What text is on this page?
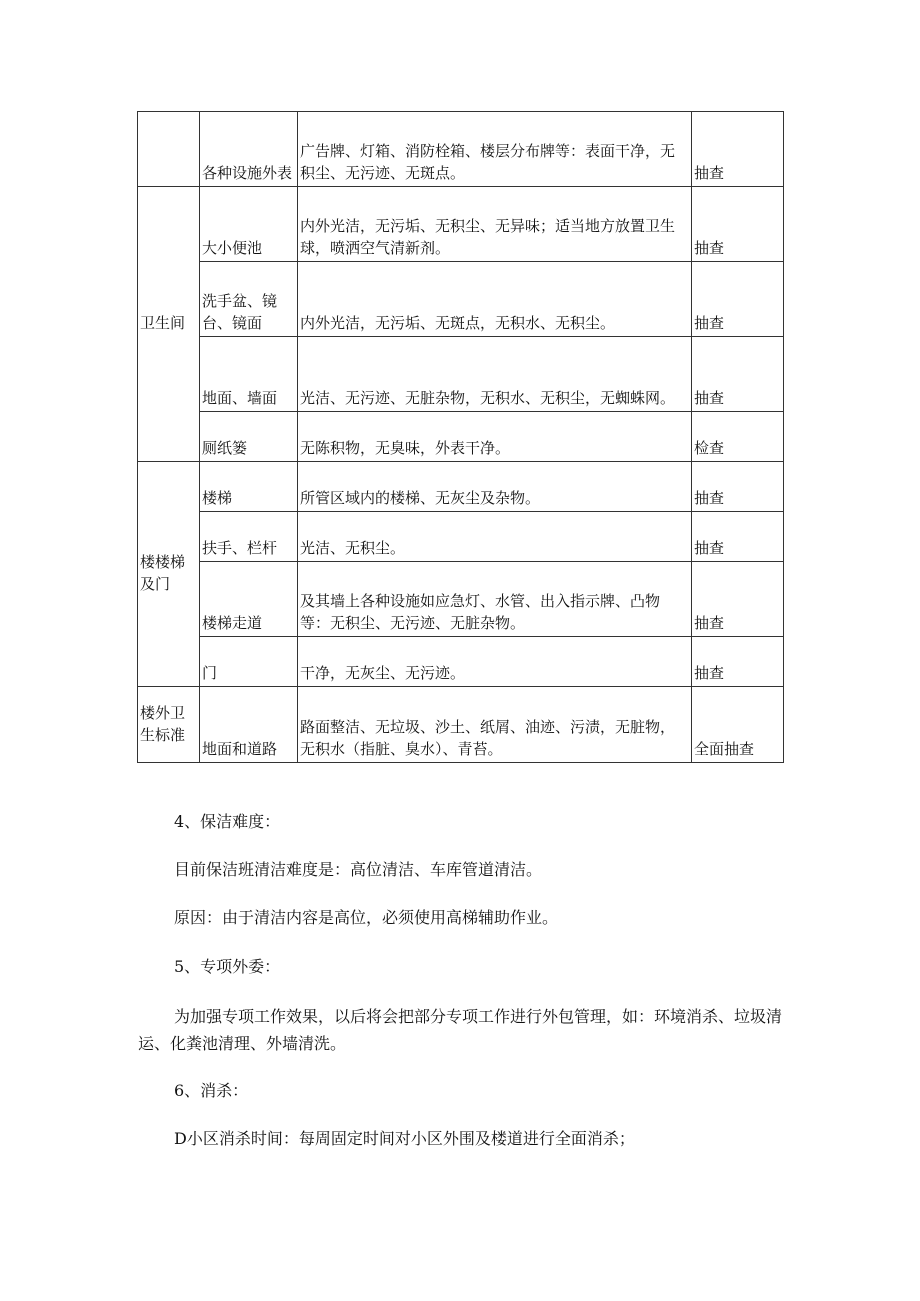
	各种设施外表	广告牌、灯箱、消防栓箱、楼层分布牌等：表面干净，无积尘、无污迹、无斑点。	抽查
卫生间	大小便池	内外光洁，无污垢、无积尘、无异味；适当地方放置卫生球，喷洒空气清新剂。	抽查
	洗手盆、镜台、镜面	内外光洁，无污垢、无斑点，无积水、无积尘。	抽查
	地面、墙面	光洁、无污迹、无脏杂物，无积水、无积尘，无蜘蛛网。	抽查
	厕纸篓	无陈积物，无臭味，外表干净。	检查
楼楼梯及门	楼梯	所管区域内的楼梯、无灰尘及杂物。	抽查
	扶手、栏杆	光洁、无积尘。	抽查
	楼梯走道	及其墙上各种设施如应急灯、水管、出入指示牌、凸物等：无积尘、无污迹、无脏杂物。	抽查
	门	干净，无灰尘、无污迹。	抽查
楼外卫生标准	地面和道路	路面整洁、无垃圾、沙土、纸屑、油迹、污渍，无脏物，无积水（指脏、臭水）、青苔。	全面抽查

4、保洁难度：

目前保洁班清洁难度是：高位清洁、车库管道清洁。

原因：由于清洁内容是高位，必须使用高梯辅助作业。

5、专项外委：

为加强专项工作效果，以后将会把部分专项工作进行外包管理，如：环境消杀、垃圾清运、化粪池清理、外墙清洗。

6、消杀：

D小区消杀时间：每周固定时间对小区外围及楼道进行全面消杀；
